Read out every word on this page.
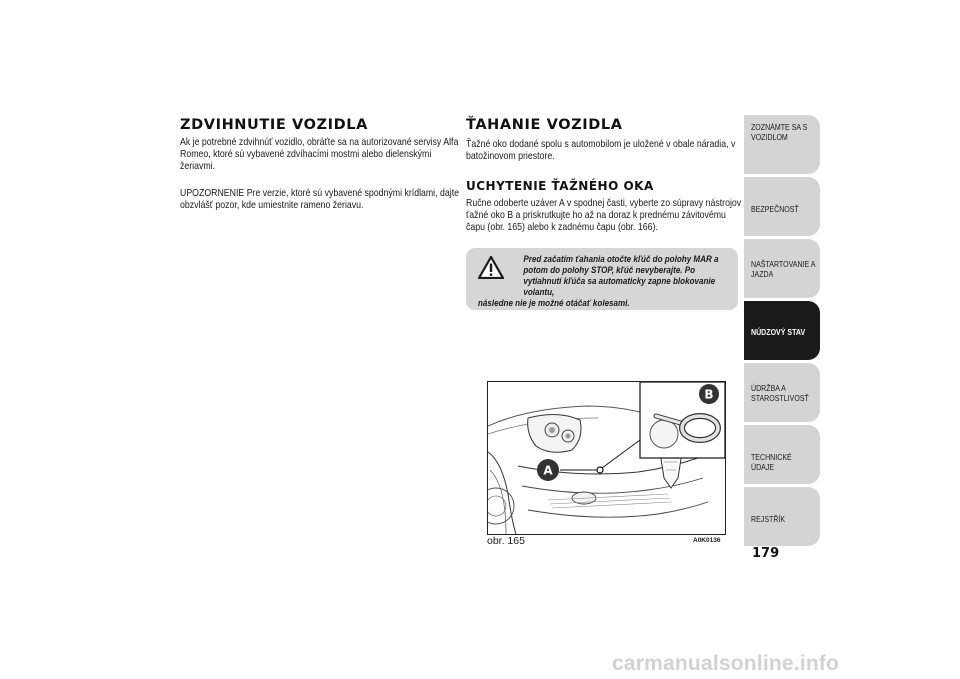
ZDVIHNUTIE VOZIDLA

Ak je potrebné zdvihnúť vozidlo, obráťte sa na autorizované servisy Alfa Romeo, ktoré sú vybavené zdvíhacími mostmi alebo dielenskými žeriavmi.

UPOZORNENIE Pre verzie, ktoré sú vybavené spodnými krídlami, dajte obzvlášť pozor, kde umiestnite rameno žeriavu.

ŤAHANIE VOZIDLA

Ťažné oko dodané spolu s automobilom je uložené v obale náradia, v batožinovom priestore.

UCHYTENIE ŤAŽNÉHO OKA

Ručne odoberte uzáver A v spodnej časti, vyberte zo súpravy nástrojov ťažné oko B a priskrutkujte ho až na doraz k prednému závitovému čapu (obr. 165) alebo k zadnému čapu (obr. 166).

Pred začatím ťahania otočte kľúč do polohy MAR a potom do polohy STOP, kľúč nevyberajte. Po vytiahnutí kľúča sa automaticky zapne blokovanie volantu,
následne nie je možné otáčať kolesami.
A
B
obr. 165	A0K0136
ZOZNÁMTE SA S VOZIDLOM
BEZPEČNOSŤ
NAŠTARTOVANIE A JAZDA
NÚDZOVÝ STAV
ÚDRŽBA A STAROSTLIVOSŤ
TECHNICKÉ ÚDAJE
REJSTŘÍK
179
carmanualsonline.info
